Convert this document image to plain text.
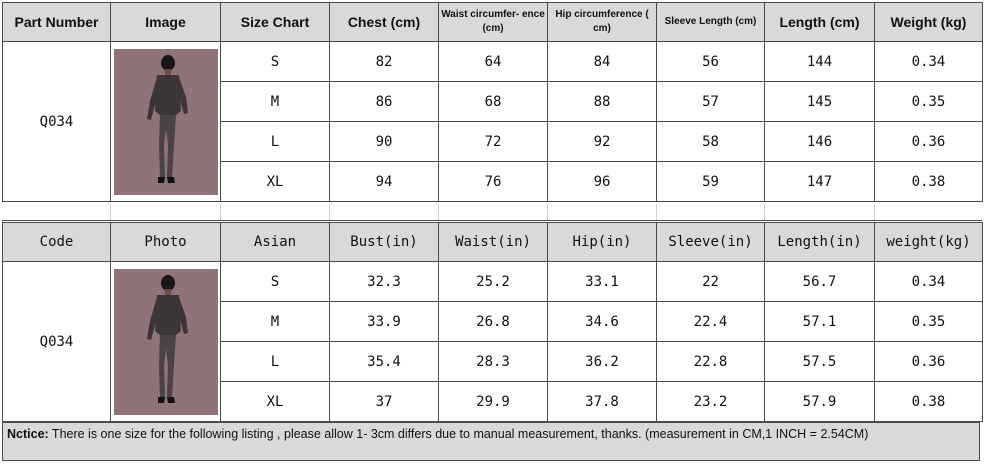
Part Number	Image	Size Chart	Chest (cm)	Waist circumfer- ence (cm)	Hip circumference ( cm)	Sleeve Length (cm)	Length (cm)	Weight (kg)
Q034		S	82	64	84	56	144	0.34
		M	86	68	88	57	145	0.35
		L	90	72	92	58	146	0.36
		XL	94	76	96	59	147	0.38
Code	Photo	Asian	Bust(in)	Waist(in)	Hip(in)	Sleeve(in)	Length(in)	weight(kg)
Q034		S	32.3	25.2	33.1	22	56.7	0.34
		M	33.9	26.8	34.6	22.4	57.1	0.35
		L	35.4	28.3	36.2	22.8	57.5	0.36
		XL	37	29.9	37.8	23.2	57.9	0.38
Nctice: There is one size for the following listing , please allow 1- 3cm differs due to manual measurement, thanks. (measurement in CM,1 INCH = 2.54CM)
